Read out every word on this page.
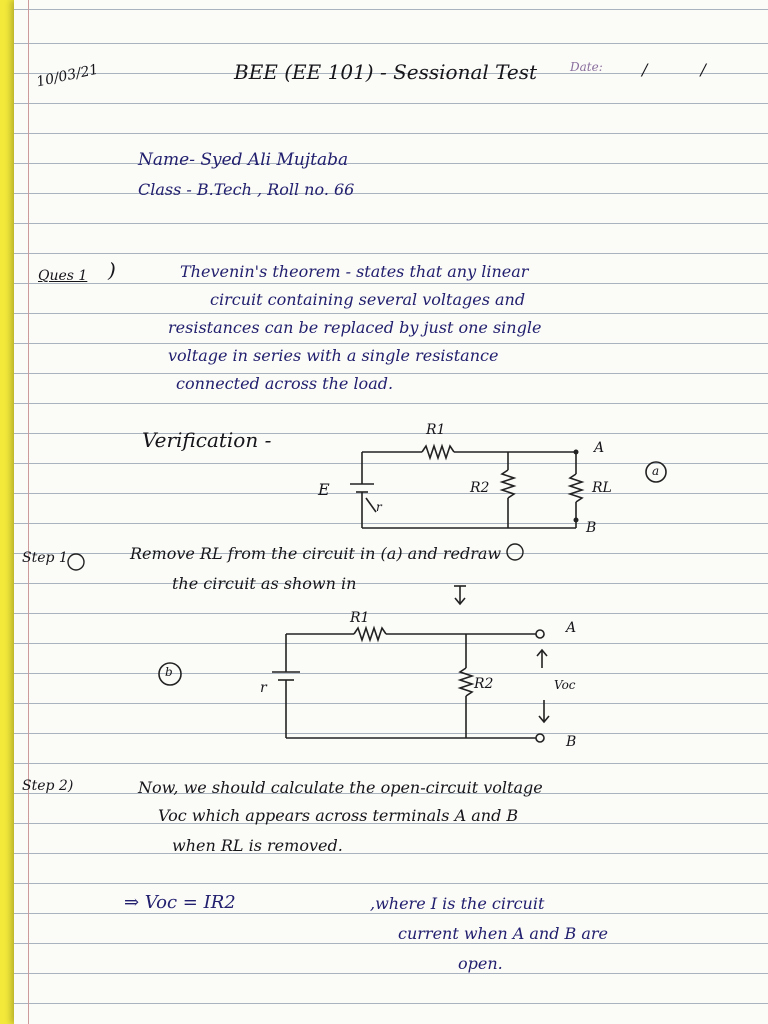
10/03/21	BEE (EE 101) - Sessional Test	Date: / /
Name- Syed Ali Mujtaba
Class - B.Tech , Roll no. 66
Ques 1 )	Thevenin's theorem - states that any linear
circuit containing several voltages and
resistances can be replaced by just one single
voltage in series with a single resistance
connected across the load.
Verification -	R1
R2	RL
E
r
A
B
a
Step 1	Remove RL from the circuit in (a) and redraw
the circuit as shown in
b
R1
R2
r
A
B
Voc
Step 2)	Now, we should calculate the open-circuit voltage
Voc which appears across terminals A and B
when RL is removed.
⇒ Voc = IR2	,where I is the circuit
current when A and B are
open.
